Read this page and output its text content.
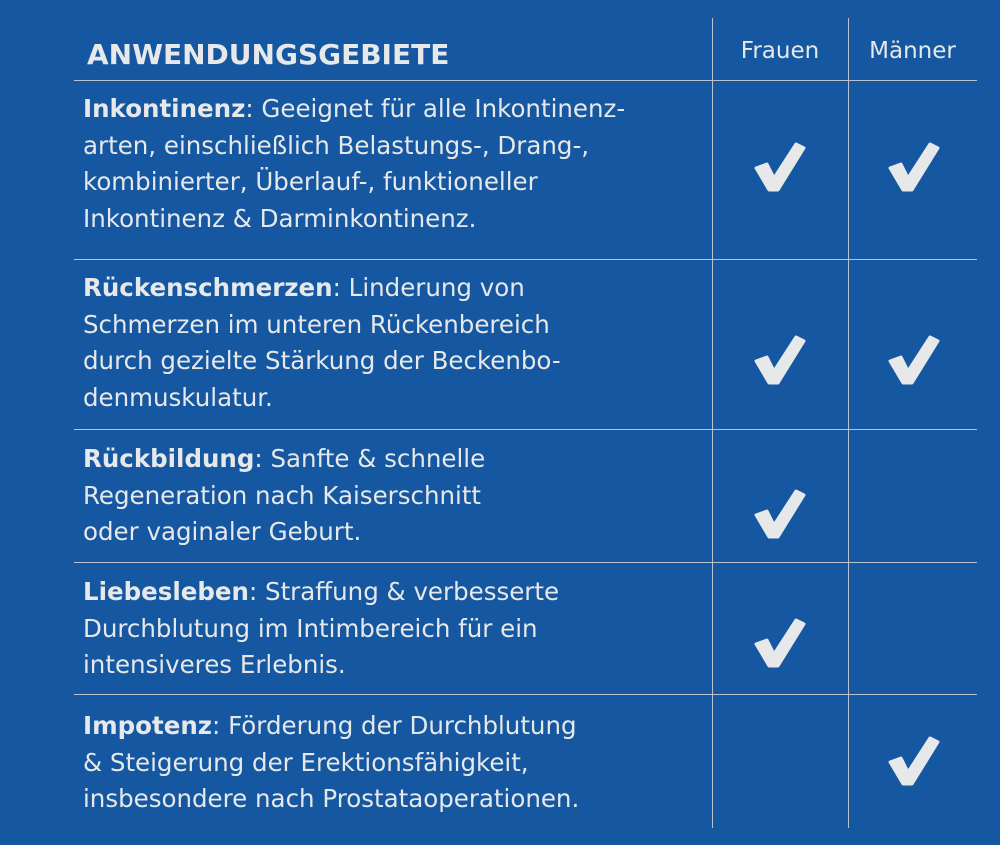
ANWENDUNGSGEBIETE	Frauen	Männer
Inkontinenz: Geeignet für alle Inkontinenz-
arten, einschließlich Belastungs-, Drang-,
kombinierter, Überlauf-, funktioneller
Inkontinenz & Darminkontinenz.
Rückenschmerzen: Linderung von
Schmerzen im unteren Rückenbereich
durch gezielte Stärkung der Beckenbo-
denmuskulatur.
Rückbildung: Sanfte & schnelle
Regeneration nach Kaiserschnitt
oder vaginaler Geburt.
Liebesleben: Straffung & verbesserte
Durchblutung im Intimbereich für ein
intensiveres Erlebnis.
Impotenz: Förderung der Durchblutung
& Steigerung der Erektionsfähigkeit,
insbesondere nach Prostataoperationen.
